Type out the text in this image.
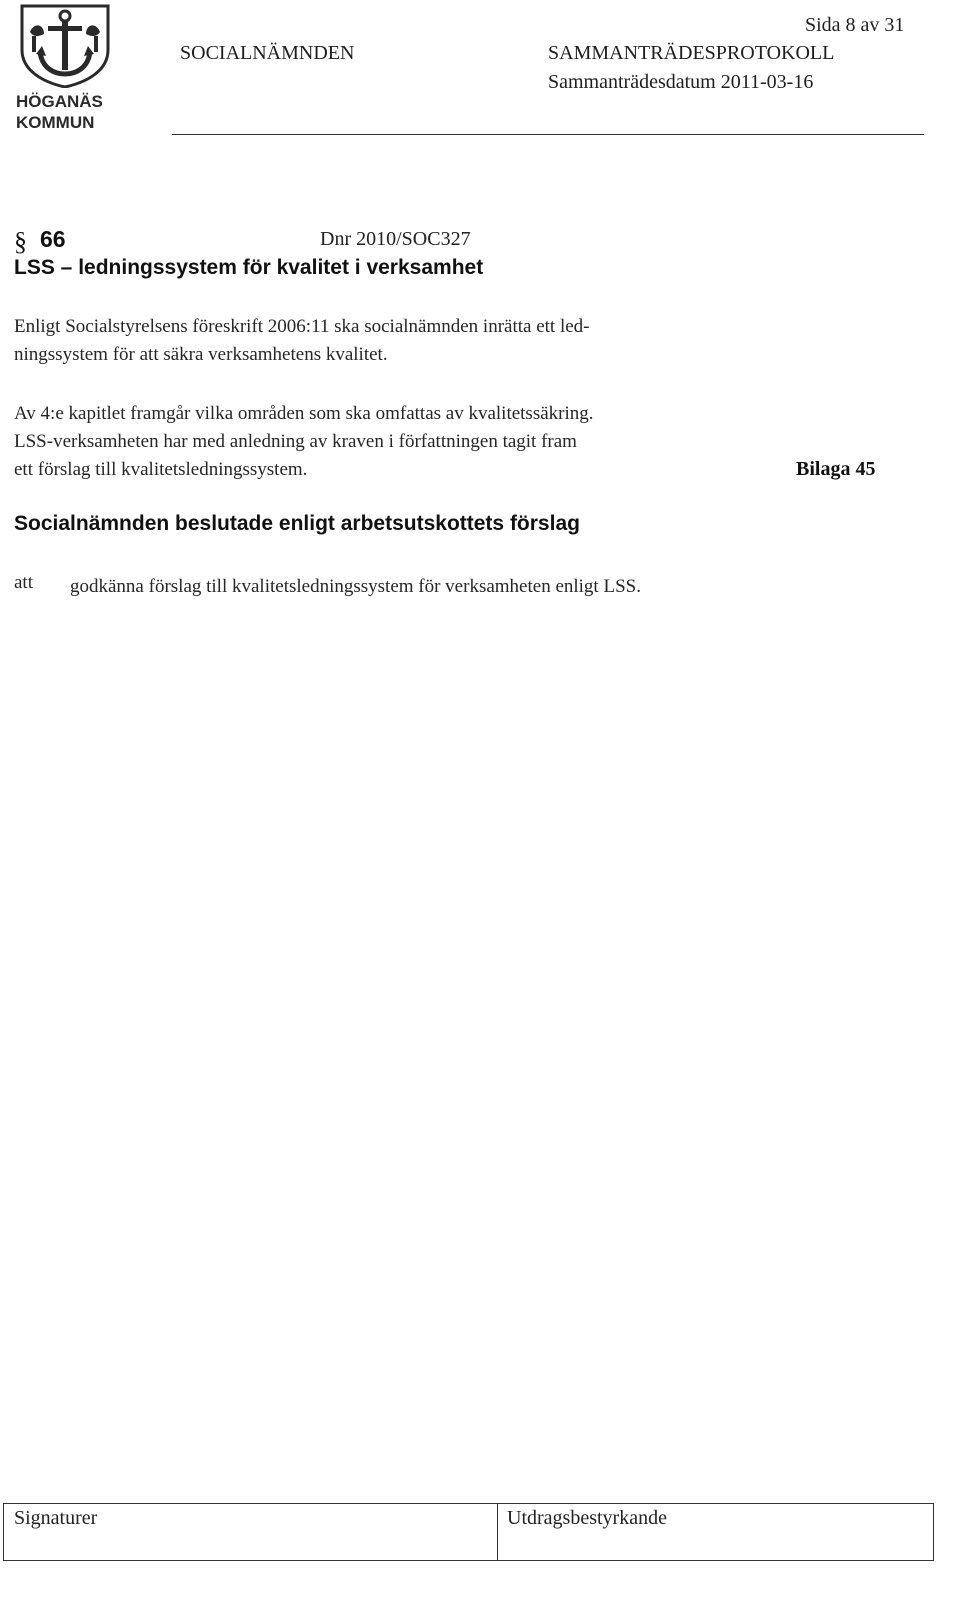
HÖGANÄS
KOMMUN
Sida 8 av 31
SOCIALNÄMNDEN	SAMMANTRÄDESPROTOKOLL
Sammanträdesdatum 2011-03-16
§ 66	Dnr 2010/SOC327
LSS – ledningssystem för kvalitet i verksamhet
Enligt Socialstyrelsens föreskrift 2006:11 ska socialnämnden inrätta ett led-
ningssystem för att säkra verksamhetens kvalitet.
Av 4:e kapitlet framgår vilka områden som ska omfattas av kvalitetssäkring.
LSS-verksamheten har med anledning av kraven i författningen tagit fram
ett förslag till kvalitetsledningssystem.	Bilaga 45
Socialnämnden beslutade enligt arbetsutskottets förslag
att godkänna förslag till kvalitetsledningssystem för verksamheten enligt LSS.
Signaturer	Utdragsbestyrkande
